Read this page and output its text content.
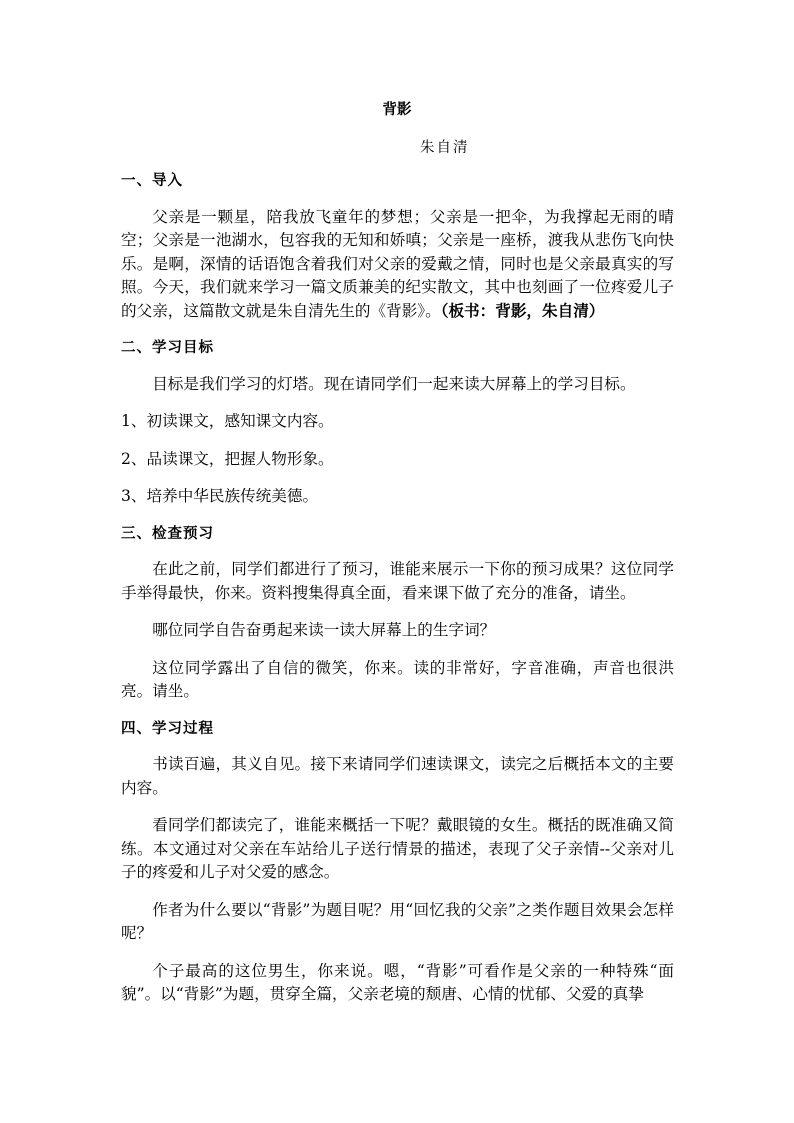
背影
朱自清
一、导入

父亲是一颗星，陪我放飞童年的梦想；父亲是一把伞，为我撑起无雨的晴空；父亲是一池湖水，包容我的无知和娇嗔；父亲是一座桥，渡我从悲伤飞向快乐。是啊，深情的话语饱含着我们对父亲的爱戴之情，同时也是父亲最真实的写照。今天，我们就来学习一篇文质兼美的纪实散文，其中也刻画了一位疼爱儿子的父亲，这篇散文就是朱自清先生的《背影》。（板书：背影，朱自清）

二、学习目标

目标是我们学习的灯塔。现在请同学们一起来读大屏幕上的学习目标。

1、初读课文，感知课文内容。

2、品读课文，把握人物形象。

3、培养中华民族传统美德。

三、检查预习

在此之前，同学们都进行了预习，谁能来展示一下你的预习成果？这位同学手举得最快，你来。资料搜集得真全面，看来课下做了充分的准备，请坐。

哪位同学自告奋勇起来读一读大屏幕上的生字词？

这位同学露出了自信的微笑，你来。读的非常好，字音准确，声音也很洪亮。请坐。

四、学习过程

书读百遍，其义自见。接下来请同学们速读课文，读完之后概括本文的主要内容。

看同学们都读完了，谁能来概括一下呢？戴眼镜的女生。概括的既准确又简练。本文通过对父亲在车站给儿子送行情景的描述，表现了父子亲情--父亲对儿子的疼爱和儿子对父爱的感念。

作者为什么要以“背影”为题目呢？用“回忆我的父亲”之类作题目效果会怎样呢？

个子最高的这位男生，你来说。嗯，“背影”可看作是父亲的一种特殊“面貌”。以“背影”为题，贯穿全篇，父亲老境的颓唐、心情的忧郁、父爱的真挚
